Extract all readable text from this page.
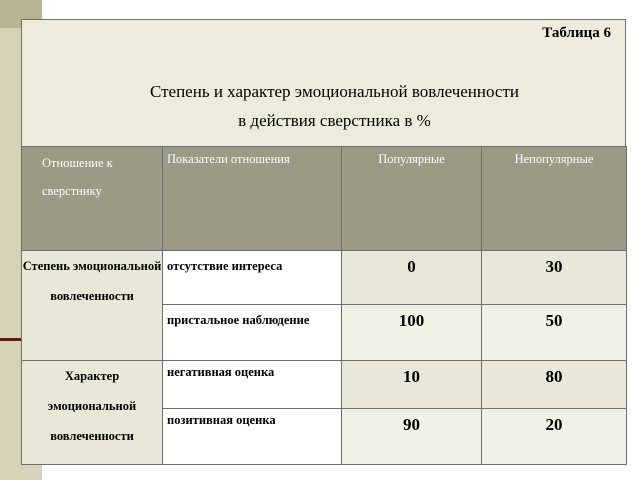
Таблица 6
Степень и характер эмоциональной вовлеченности
в действия сверстника в %
Отношение к сверстнику	Показатели отношения	Популярные	Непопулярные
Степень эмоциональной вовлеченности	отсутствие интереса	0	30
	пристальное наблюдение	100	50
Характер эмоциональной вовлеченности	негативная оценка	10	80
	позитивная оценка	90	20
